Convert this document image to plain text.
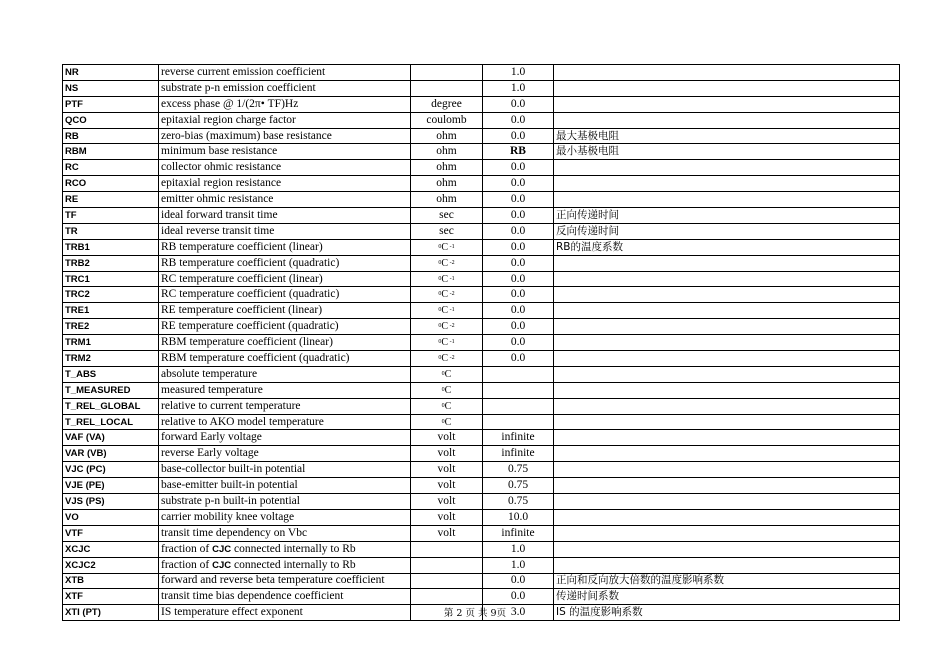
NR	reverse current emission coefficient		1.0	
NS	substrate p-n emission coefficient		1.0	
PTF	excess phase @ 1/(2π• TF)Hz	degree	0.0	
QCO	epitaxial region charge factor	coulomb	0.0	
RB	zero-bias (maximum) base resistance	ohm	0.0	最大基极电阻
RBM	minimum base resistance	ohm	RB	最小基极电阻
RC	collector ohmic resistance	ohm	0.0	
RCO	epitaxial region resistance	ohm	0.0	
RE	emitter ohmic resistance	ohm	0.0	
TF	ideal forward transit time	sec	0.0	正向传递时间
TR	ideal reverse transit time	sec	0.0	反向传递时间
TRB1	RB temperature coefficient (linear)	$^0$C $^{-1}$	0.0	RB的温度系数
TRB2	RB temperature coefficient (quadratic)	$^0$C $^{-2}$	0.0	
TRC1	RC temperature coefficient (linear)	$^0$C $^{-1}$	0.0	
TRC2	RC temperature coefficient (quadratic)	$^0$C $^{-2}$	0.0	
TRE1	RE temperature coefficient (linear)	$^0$C $^{-1}$	0.0	
TRE2	RE temperature coefficient (quadratic)	$^0$C $^{-2}$	0.0	
TRM1	RBM temperature coefficient (linear)	$^0$C $^{-1}$	0.0	
TRM2	RBM temperature coefficient (quadratic)	$^0$C $^{-2}$	0.0	
T_ABS	absolute temperature	$^0$C		
T_MEASURED	measured temperature	$^0$C		
T_REL_GLOBAL	relative to current temperature	$^0$C		
T_REL_LOCAL	relative to AKO model temperature	$^0$C		
VAF (VA)	forward Early voltage	volt	infinite	
VAR (VB)	reverse Early voltage	volt	infinite	
VJC (PC)	base-collector built-in potential	volt	0.75	
VJE (PE)	base-emitter built-in potential	volt	0.75	
VJS (PS)	substrate p-n built-in potential	volt	0.75	
VO	carrier mobility knee voltage	volt	10.0	
VTF	transit time dependency on Vbc	volt	infinite	
XCJC	fraction of CJC connected internally to Rb		1.0	
XCJC2	fraction of CJC connected internally to Rb		1.0	
XTB	forward and reverse beta temperature coefficient		0.0	正向和反向放大倍数的温度影响系数
XTF	transit time bias dependence coefficient		0.0	传递时间系数
XTI (PT)	IS temperature effect exponent		3.0	IS 的温度影响系数
第 2 页 共 9页
